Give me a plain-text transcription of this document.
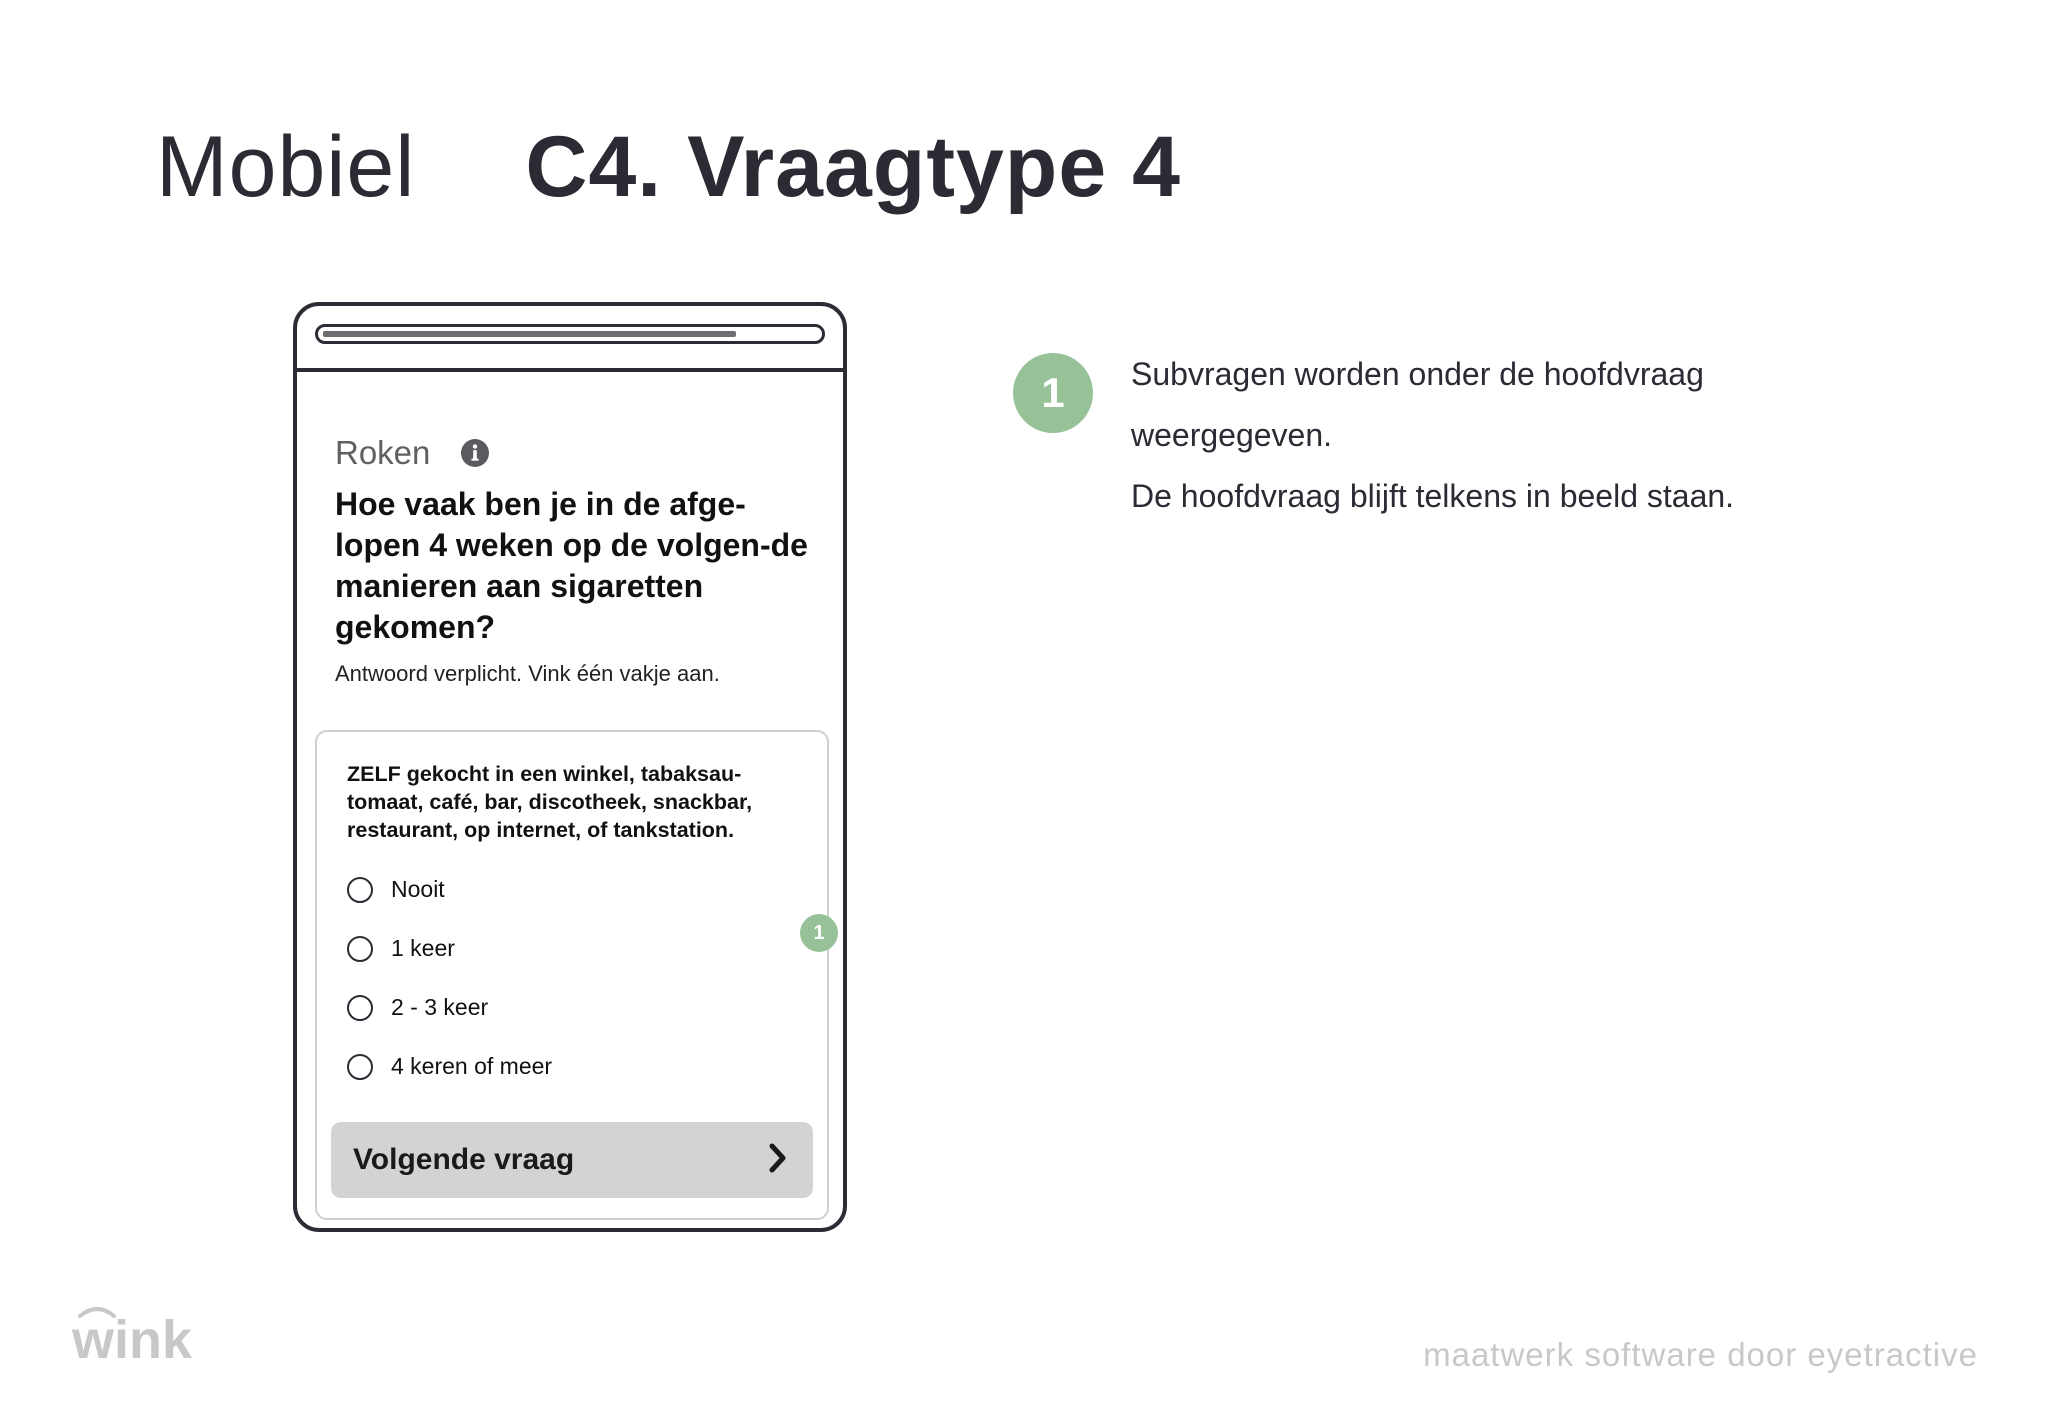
Mobiel C4. Vraagtype 4
Roken
Hoe vaak ben je in de afge-lopen 4 weken op de volgen-de manieren aan sigaretten gekomen?
Antwoord verplicht. Vink één vakje aan.
ZELF gekocht in een winkel, tabaksau-tomaat, café, bar, discotheek, snackbar, restaurant, op internet, of tankstation.
Nooit
1 keer
2 - 3 keer
4 keren of meer
Volgende vraag
1
1	Subvragen worden onder de hoofdvraag weergegeven.

De hoofdvraag blijft telkens in beeld staan.

wink	maatwerk software door eyetractive
